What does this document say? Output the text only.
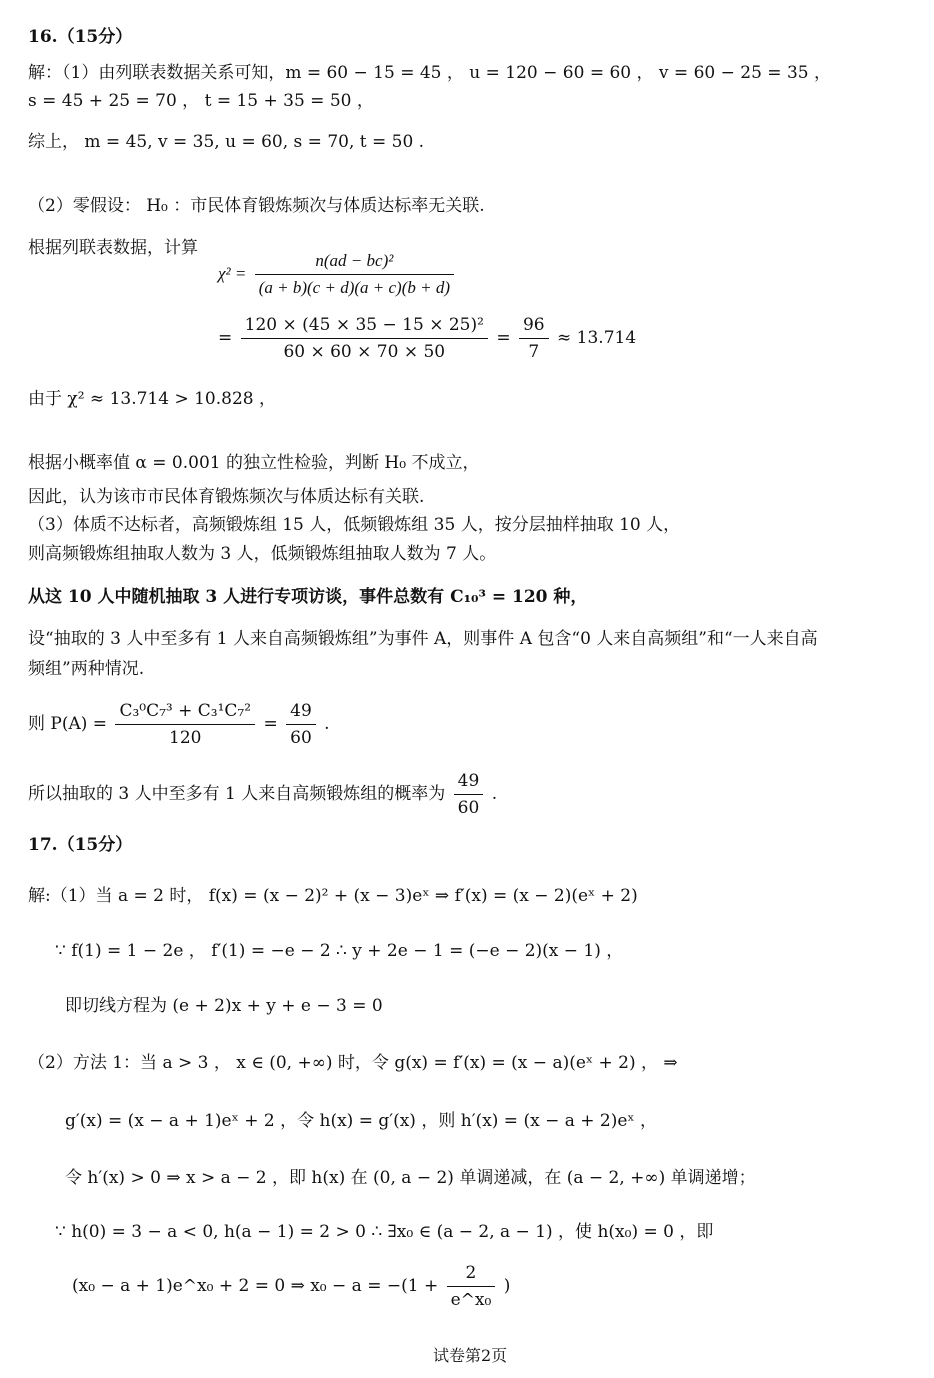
16.（15分）
解：（1）由列联表数据关系可知，m = 60 − 15 = 45 ， u = 120 − 60 = 60 ， v = 60 − 25 = 35 ，
s = 45 + 25 = 70 ， t = 15 + 35 = 50 ，
综上， m = 45, v = 35, u = 60, s = 70, t = 50 .
（2）零假设： H₀ ：市民体育锻炼频次与体质达标率无关联.
根据列联表数据，计算
$\chi^2 = \frac{\text{n(ad − bc)²}}{(a + b)(c + d)(a + c)(b + d)}$
= $\frac{\text{120 × (45 × 35 − 15 × 25)²}}{60 \times 60 \times 70 \times 50} = \frac{96}{7} \approx 13.714$
由于 χ² ≈ 13.714 > 10.828 ，
根据小概率值 α = 0.001 的独立性检验，判断 H₀ 不成立，
因此，认为该市市民体育锻炼频次与体质达标有关联.
（3）体质不达标者，高频锻炼组 15 人，低频锻炼组 35 人，按分层抽样抽取 10 人，
则高频锻炼组抽取人数为 3 人，低频锻炼组抽取人数为 7 人。
从这 10 人中随机抽取 3 人进行专项访谈，事件总数有 C₁₀³ = 120 种，
设“抽取的 3 人中至多有 1 人来自高频锻炼组”为事件 A，则事件 A 包含“0 人来自高频组”和“一人来自高
频组”两种情况.
则 $P(A) = \frac{\text{C₃⁰C₇³ + C₃¹C₇²}}{120} = \frac{49}{60}$ .
所以抽取的 3 人中至多有 1 人来自高频锻炼组的概率为 $\frac{49}{60}$ .
17.（15分）
解:（1）当 a = 2 时， f(x) = (x − 2)² + (x − 3)eˣ ⇒ f′(x) = (x − 2)(eˣ + 2)
∵ f(1) = 1 − 2e ， f′(1) = −e − 2 ∴ y + 2e − 1 = (−e − 2)(x − 1) ，
即切线方程为 (e + 2)x + y + e − 3 = 0
（2）方法 1：当 a > 3 ， x ∈ (0, +∞) 时，令 g(x) = f′(x) = (x − a)(eˣ + 2) ， ⇒
g′(x) = (x − a + 1)eˣ + 2 ，令 h(x) = g′(x) ，则 h′(x) = (x − a + 2)eˣ ，
令 h′(x) > 0 ⇒ x > a − 2 ，即 h(x) 在 (0, a − 2) 单调递减，在 (a − 2, +∞) 单调递增；
∵ h(0) = 3 − a < 0, h(a − 1) = 2 > 0 ∴ ∃x₀ ∈ (a − 2, a − 1) ，使 h(x₀) = 0 ，即
(x₀ − a + 1)e^x₀ + 2 = 0 ⇒ $x_0 - a = -(1 + \frac{2}{\text{e\textasciicircum{}x₀}}$ )
试卷第2页
